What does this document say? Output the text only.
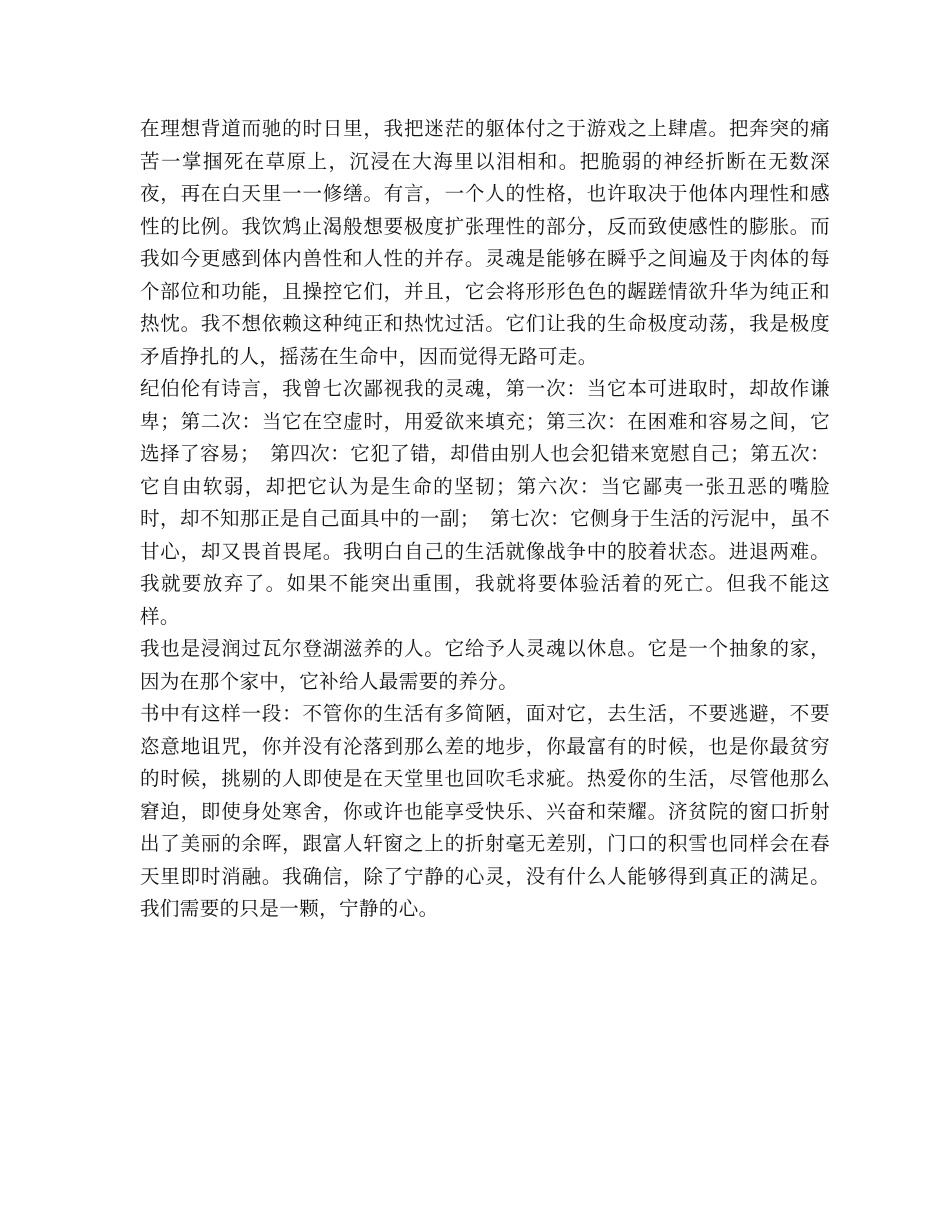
在理想背道而驰的时日里，我把迷茫的躯体付之于游戏之上肆虐。把奔突的痛苦一掌掴死在草原上，沉浸在大海里以泪相和。把脆弱的神经折断在无数深夜，再在白天里一一修缮。有言，一个人的性格，也许取决于他体内理性和感性的比例。我饮鸩止渴般想要极度扩张理性的部分，反而致使感性的膨胀。而我如今更感到体内兽性和人性的并存。灵魂是能够在瞬乎之间遍及于肉体的每个部位和功能，且操控它们，并且，它会将形形色色的龌蹉情欲升华为纯正和热忱。我不想依赖这种纯正和热忱过活。它们让我的生命极度动荡，我是极度矛盾挣扎的人，摇荡在生命中，因而觉得无路可走。

纪伯伦有诗言，我曾七次鄙视我的灵魂，第一次：当它本可进取时，却故作谦卑；第二次：当它在空虚时，用爱欲来填充；第三次：在困难和容易之间，它选择了容易；　第四次：它犯了错，却借由别人也会犯错来宽慰自己；第五次：它自由软弱，却把它认为是生命的坚韧；第六次：当它鄙夷一张丑恶的嘴脸时，却不知那正是自己面具中的一副；　第七次：它侧身于生活的污泥中，虽不甘心，却又畏首畏尾。我明白自己的生活就像战争中的胶着状态。进退两难。我就要放弃了。如果不能突出重围，我就将要体验活着的死亡。但我不能这样。

我也是浸润过瓦尔登湖滋养的人。它给予人灵魂以休息。它是一个抽象的家，因为在那个家中，它补给人最需要的养分。

书中有这样一段：不管你的生活有多简陋，面对它，去生活，不要逃避，不要恣意地诅咒，你并没有沦落到那么差的地步，你最富有的时候，也是你最贫穷的时候，挑剔的人即使是在天堂里也回吹毛求疵。热爱你的生活，尽管他那么窘迫，即使身处寒舍，你或许也能享受快乐、兴奋和荣耀。济贫院的窗口折射出了美丽的余晖，跟富人轩窗之上的折射毫无差别，门口的积雪也同样会在春天里即时消融。我确信，除了宁静的心灵，没有什么人能够得到真正的满足。我们需要的只是一颗，宁静的心。
